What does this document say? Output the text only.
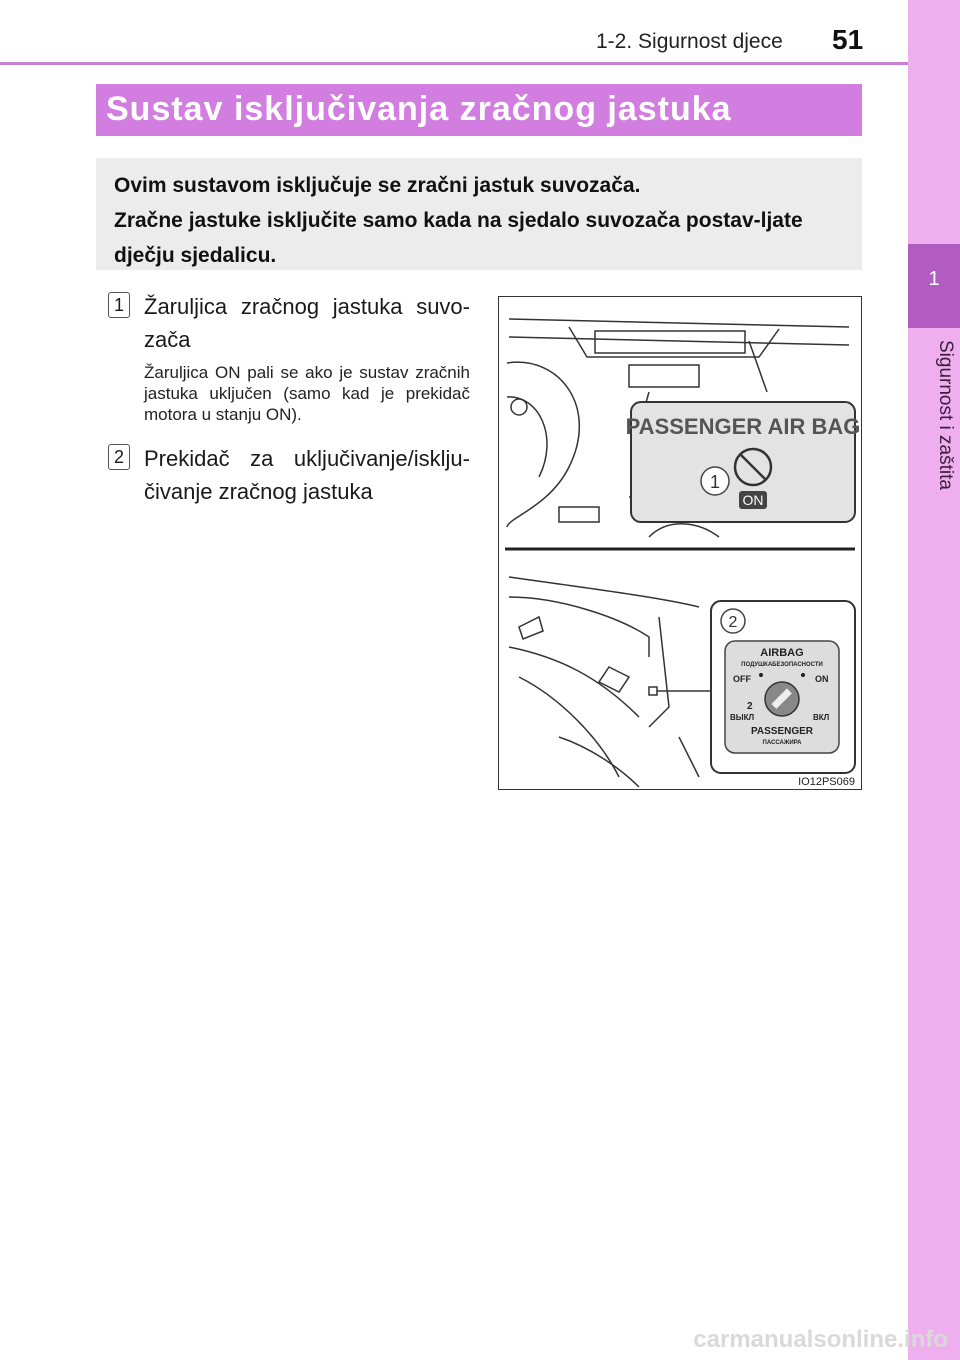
1-2. Sigurnost djece 51
1
Sigurnost i zaštita
Sustav isključivanja zračnog jastuka
Ovim sustavom isključuje se zračni jastuk suvozača.
Zračne jastuke isključite samo kada na sjedalo suvozača postav-ljate dječju sjedalicu.
1 Žaruljica zračnog jastuka suvo-zača
Žaruljica ON pali se ako je sustav zračnih jastuka uključen (samo kad je prekidač motora u stanju ON).
2 Prekidač za uključivanje/isklju-čivanje zračnog jastuka
PASSENGER AIR BAG
1
ON
2
AIRBAG
ПОДУШКАБЕЗОПАСНОСТИ
OFF	ON
2
ВЫКЛ	ВКЛ
PASSENGER
ПАССАЖИРА
IO12PS069
carmanualsonline.info
